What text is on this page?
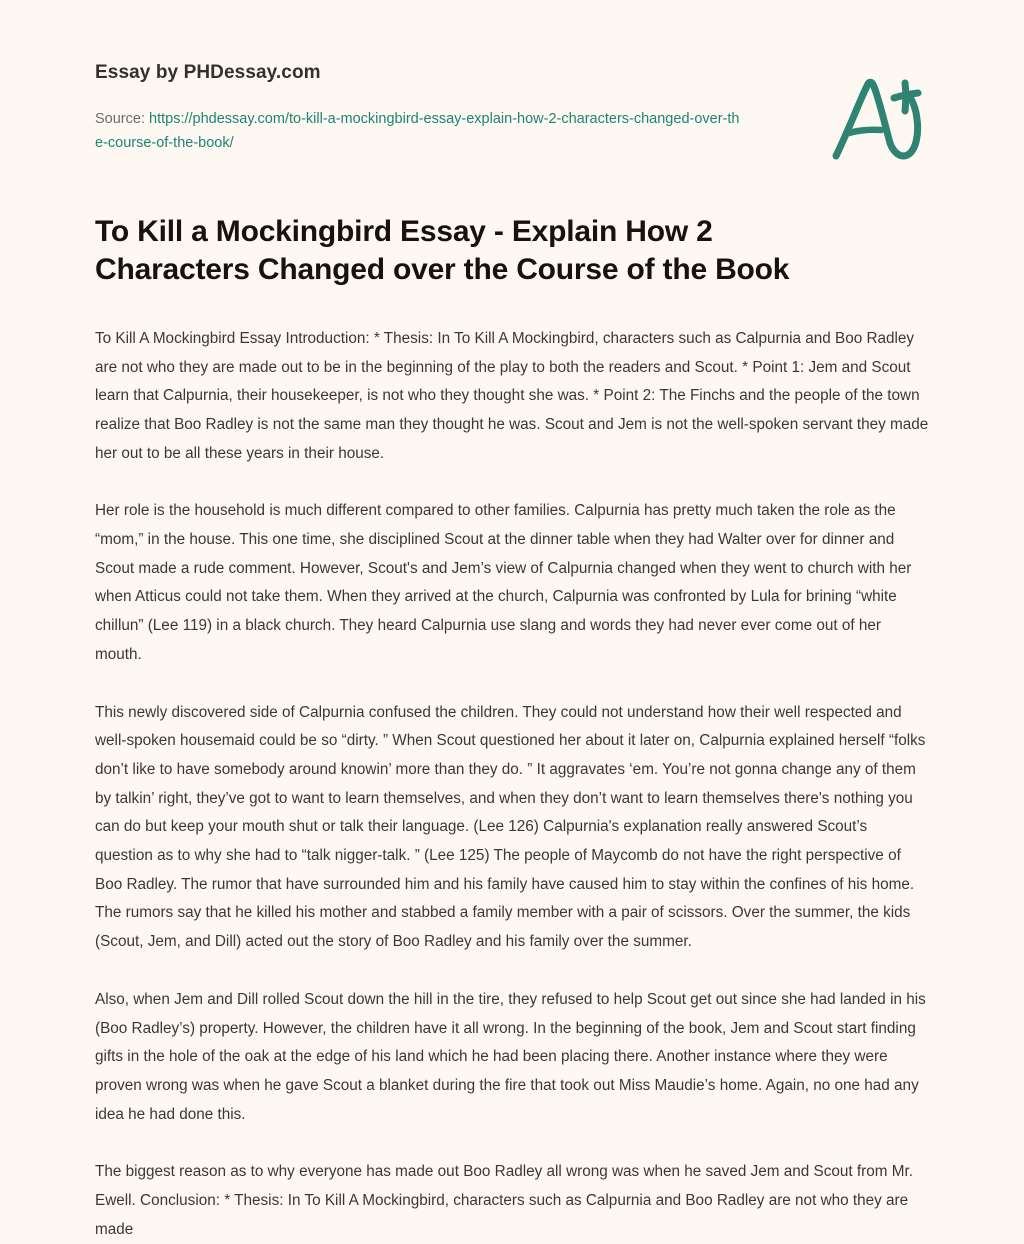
Essay by PHDessay.com
Source: https://phdessay.com/to-kill-a-mockingbird-essay-explain-how-2-characters-changed-over-the-course-of-the-book/
To Kill a Mockingbird Essay - Explain How 2 Characters Changed over the Course of the Book

To Kill A Mockingbird Essay Introduction: * Thesis: In To Kill A Mockingbird, characters such as Calpurnia and Boo Radley are not who they are made out to be in the beginning of the play to both the readers and Scout. * Point 1: Jem and Scout learn that Calpurnia, their housekeeper, is not who they thought she was. * Point 2: The Finchs and the people of the town realize that Boo Radley is not the same man they thought he was. Scout and Jem is not the well-spoken servant they made her out to be all these years in their house.

Her role is the household is much different compared to other families. Calpurnia has pretty much taken the role as the “mom,” in the house. This one time, she disciplined Scout at the dinner table when they had Walter over for dinner and Scout made a rude comment. However, Scout's and Jem’s view of Calpurnia changed when they went to church with her when Atticus could not take them. When they arrived at the church, Calpurnia was confronted by Lula for brining “white chillun” (Lee 119) in a black church. They heard Calpurnia use slang and words they had never ever come out of her mouth.

This newly discovered side of Calpurnia confused the children. They could not understand how their well respected and well-spoken housemaid could be so “dirty. ” When Scout questioned her about it later on, Calpurnia explained herself “folks don’t like to have somebody around knowin’ more than they do. ” It aggravates ‘em. You’re not gonna change any of them by talkin’ right, they’ve got to want to learn themselves, and when they don’t want to learn themselves there's nothing you can do but keep your mouth shut or talk their language. (Lee 126) Calpurnia's explanation really answered Scout’s question as to why she had to “talk nigger-talk. ” (Lee 125) The people of Maycomb do not have the right perspective of Boo Radley. The rumor that have surrounded him and his family have caused him to stay within the confines of his home. The rumors say that he killed his mother and stabbed a family member with a pair of scissors. Over the summer, the kids (Scout, Jem, and Dill) acted out the story of Boo Radley and his family over the summer.

Also, when Jem and Dill rolled Scout down the hill in the tire, they refused to help Scout get out since she had landed in his (Boo Radley’s) property. However, the children have it all wrong. In the beginning of the book, Jem and Scout start finding gifts in the hole of the oak at the edge of his land which he had been placing there. Another instance where they were proven wrong was when he gave Scout a blanket during the fire that took out Miss Maudie’s home. Again, no one had any idea he had done this.

The biggest reason as to why everyone has made out Boo Radley all wrong was when he saved Jem and Scout from Mr. Ewell. Conclusion: * Thesis: In To Kill A Mockingbird, characters such as Calpurnia and Boo Radley are not who they are made
